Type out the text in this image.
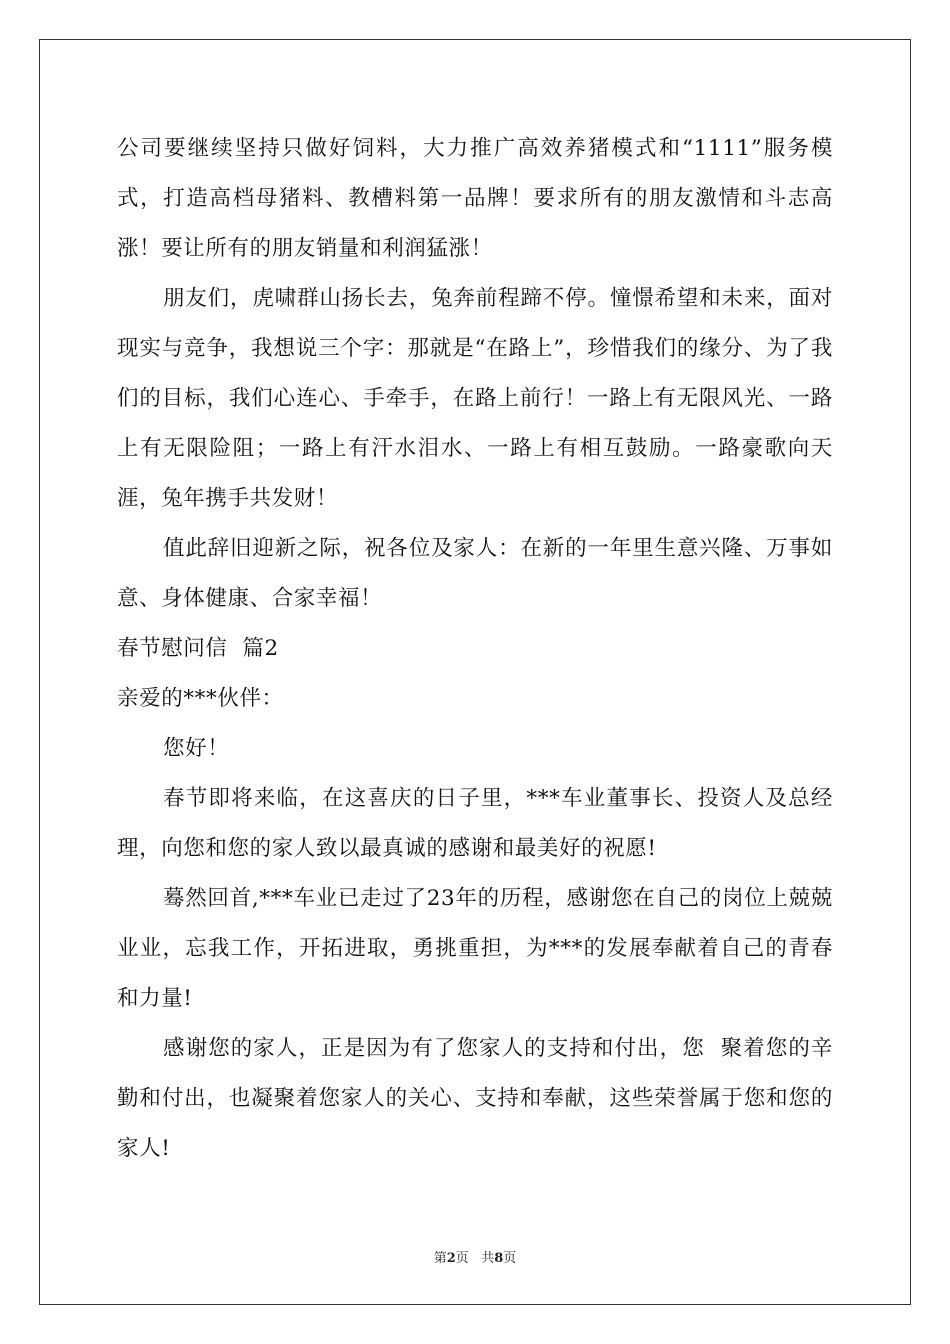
公司要继续坚持只做好饲料，大力推广高效养猪模式和“1111”服务模式，打造高档母猪料、教槽料第一品牌！要求所有的朋友激情和斗志高涨！要让所有的朋友销量和利润猛涨！

朋友们，虎啸群山扬长去，兔奔前程蹄不停。憧憬希望和未来，面对现实与竞争，我想说三个字：那就是“在路上”，珍惜我们的缘分、为了我们的目标，我们心连心、手牵手，在路上前行！一路上有无限风光、一路上有无限险阻；一路上有汗水泪水、一路上有相互鼓励。一路豪歌向天涯，兔年携手共发财！

值此辞旧迎新之际，祝各位及家人：在新的一年里生意兴隆、万事如意、身体健康、合家幸福！

春节慰问信  篇2

亲爱的***伙伴：

您好！

春节即将来临，在这喜庆的日子里，***车业董事长、投资人及总经理，向您和您的家人致以最真诚的感谢和最美好的祝愿!

蓦然回首,***车业已走过了23年的历程，感谢您在自己的岗位上兢兢业业，忘我工作，开拓进取，勇挑重担，为***的发展奉献着自己的青春和力量!

感谢您的家人，正是因为有了您家人的支持和付出，您  聚着您的辛勤和付出，也凝聚着您家人的关心、支持和奉献，这些荣誉属于您和您的家人!

第2页 共8页
